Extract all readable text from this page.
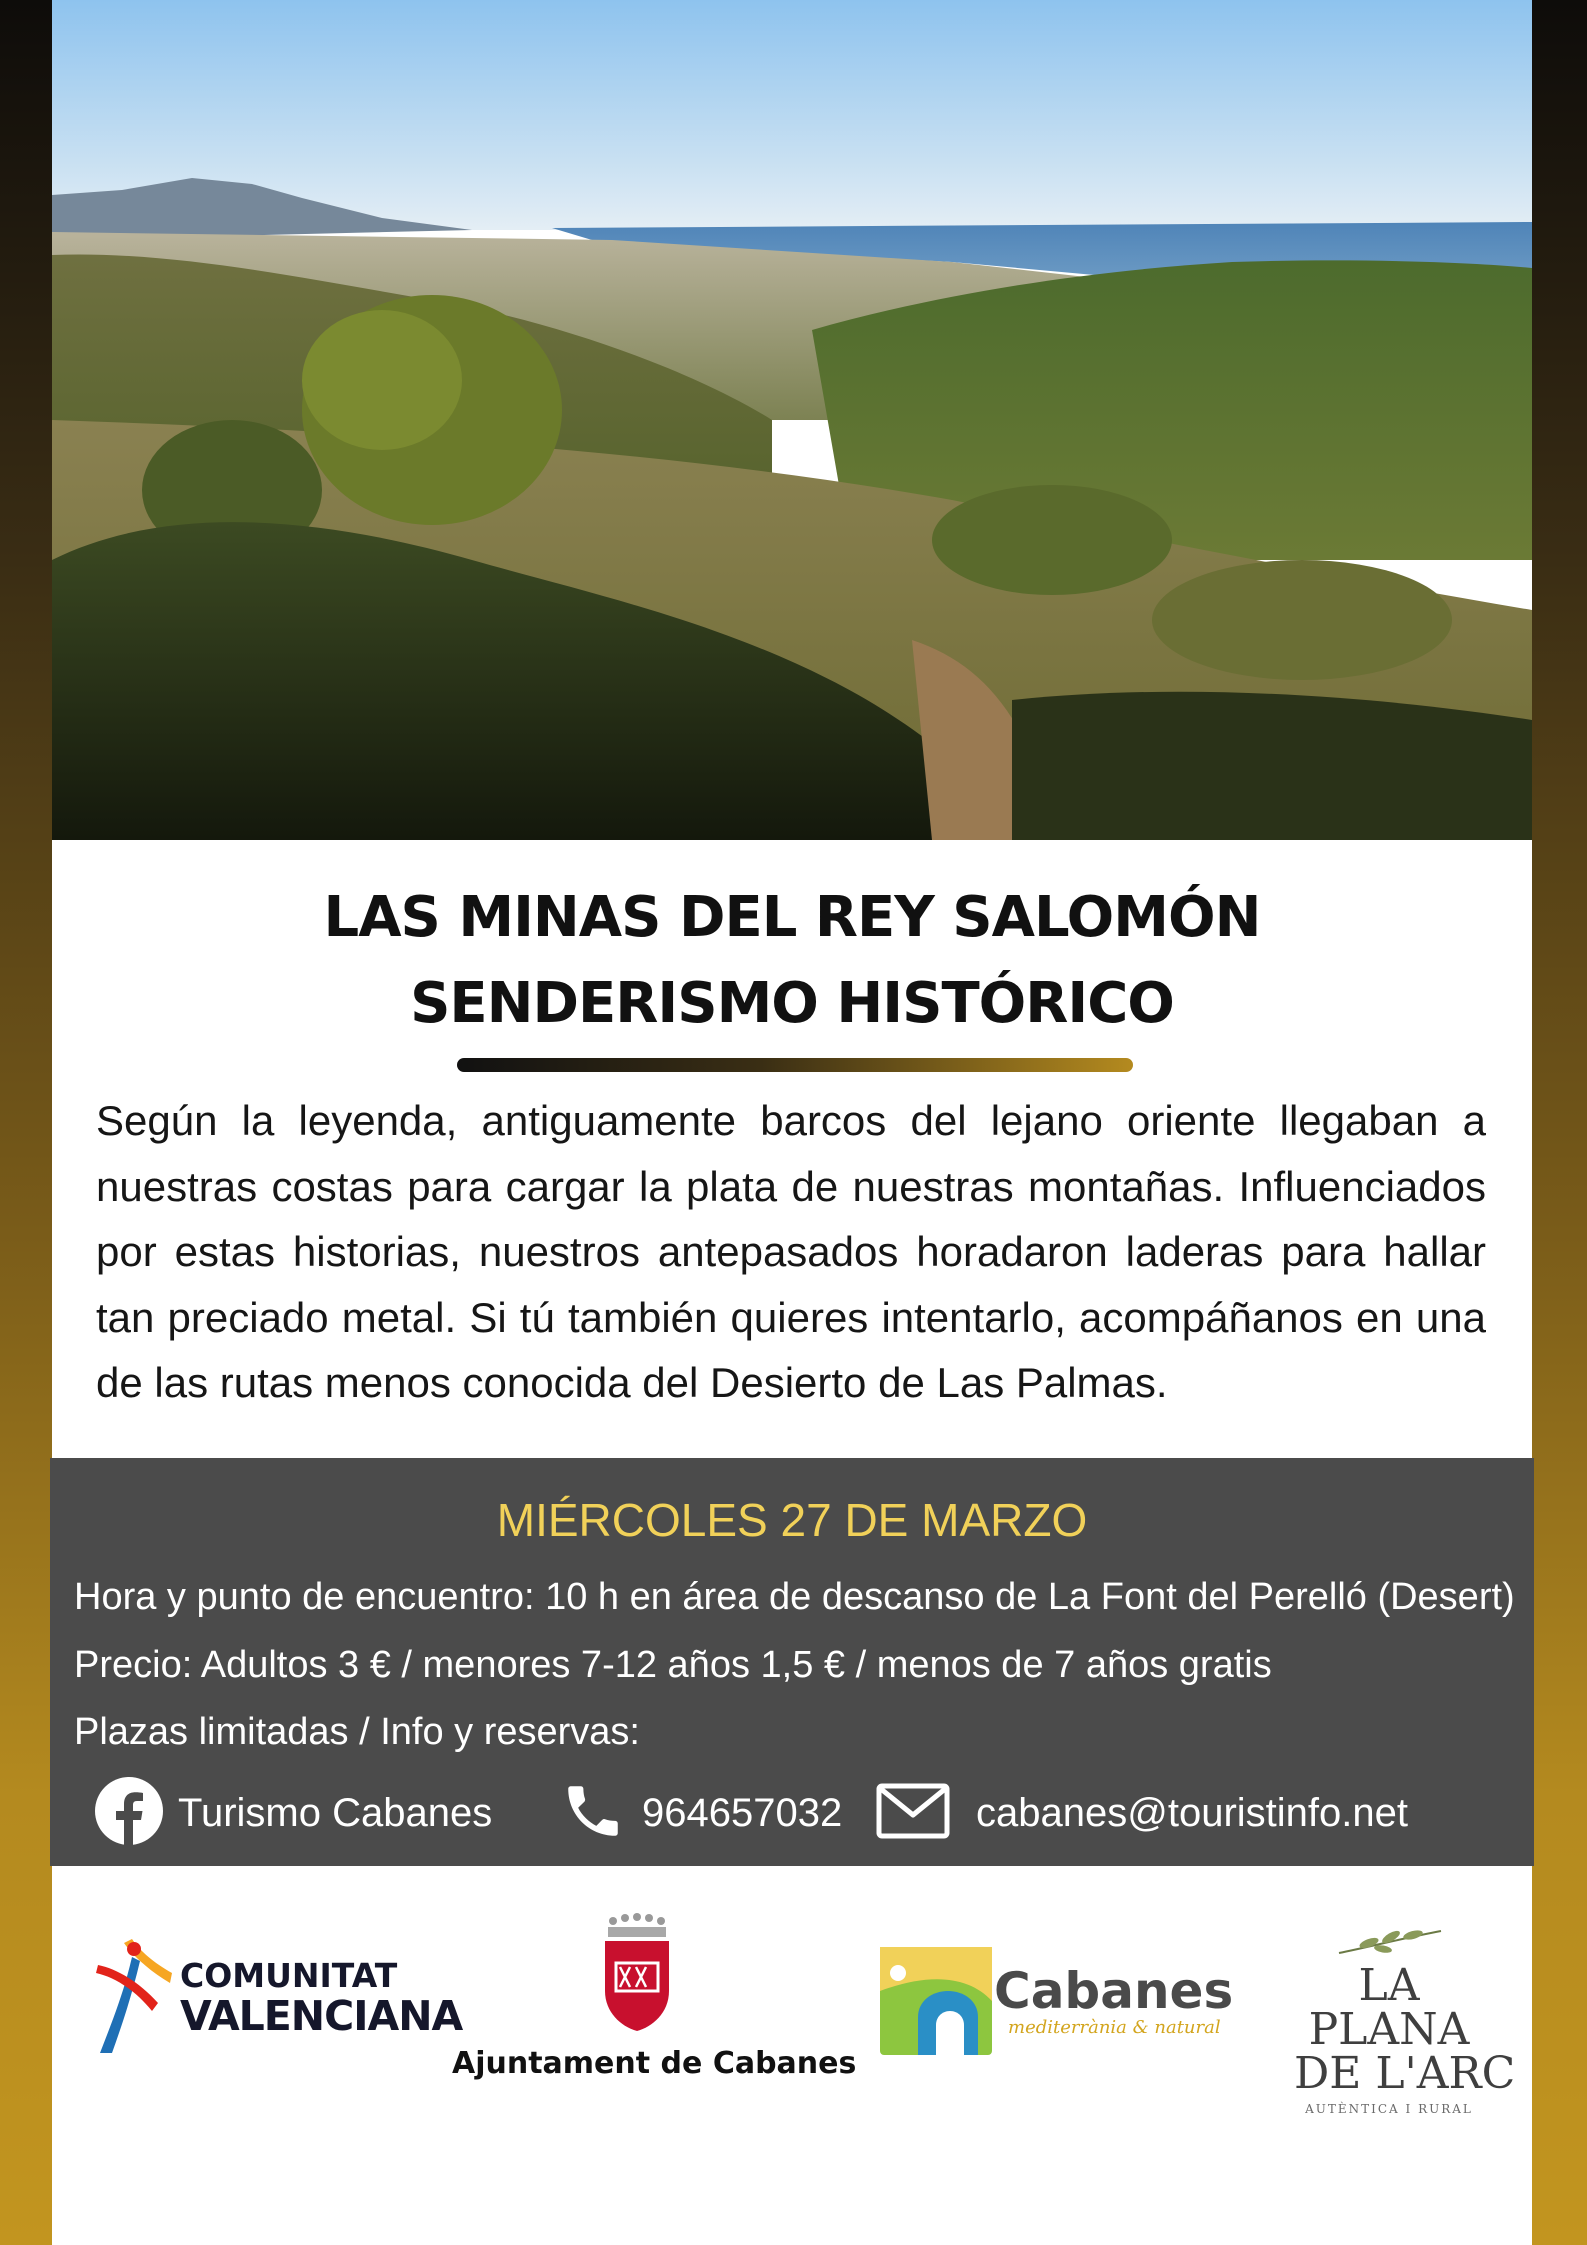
LAS MINAS DEL REY SALOMÓN
SENDERISMO HISTÓRICO
Según la leyenda, antiguamente barcos del lejano oriente llegaban a nuestras costas para cargar la plata de nuestras montañas. Influenciados por estas historias, nuestros antepasados horadaron laderas para hallar tan preciado metal. Si tú también quieres intentarlo, acompáñanos en una de las rutas menos conocida del Desierto de Las Palmas.
MIÉRCOLES 27 DE MARZO
Hora y punto de encuentro: 10 h en área de descanso de La Font del Perelló (Desert)
Precio: Adultos 3 € / menores 7-12 años 1,5 € / menos de 7 años gratis
Plazas limitadas / Info y reservas:
Turismo Cabanes	964657032	cabanes@touristinfo.net
COMUNITAT
VALENCIANA
Ajuntament de Cabanes
Cabanes
mediterrània & natural
LA
PLANA
DE L'ARC
AUTÈNTICA I RURAL
